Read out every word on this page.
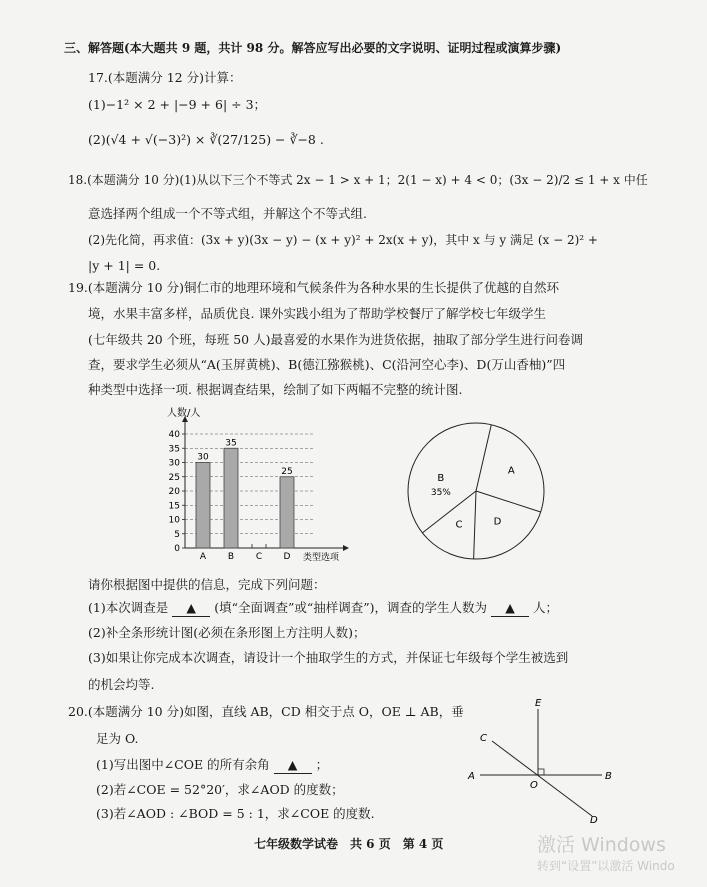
三、解答题(本大题共 9 题，共计 98 分。解答应写出必要的文字说明、证明过程或演算步骤)
17.(本题满分 12 分)计算：
(1)−1² × 2 + |−9 + 6| ÷ 3；
(2)(√4 + √(−3)²) × ∛(27/125) − ∛−8 .
18.(本题满分 10 分)(1)从以下三个不等式 2x − 1 > x + 1；2(1 − x) + 4 < 0；(3x − 2)/2 ≤ 1 + x 中任
意选择两个组成一个不等式组，并解这个不等式组.
(2)先化简，再求值：(3x + y)(3x − y) − (x + y)² + 2x(x + y)，其中 x 与 y 满足 (x − 2)² +
|y + 1| = 0.
19.(本题满分 10 分)铜仁市的地理环境和气候条件为各种水果的生长提供了优越的自然环
境，水果丰富多样，品质优良. 课外实践小组为了帮助学校餐厅了解学校七年级学生
(七年级共 20 个班，每班 50 人)最喜爱的水果作为进货依据，抽取了部分学生进行问卷调
查，要求学生必须从“A(玉屏黄桃)、B(德江猕猴桃)、C(沿河空心李)、D(万山香柚)”四
种类型中选择一项. 根据调查结果，绘制了如下两幅不完整的统计图.
0
5
10
15
20
25
30
35
40
人数/人
类型选项
30
A
35
B C
25
D
A
B
35%
C	D
请你根据图中提供的信息，完成下列问题：
(1)本次调查是 ▲ (填“全面调查”或“抽样调查”)，调查的学生人数为 ▲ 人；
(2)补全条形统计图(必须在条形图上方注明人数)；
(3)如果让你完成本次调查，请设计一个抽取学生的方式，并保证七年级每个学生被选到
的机会均等.
20.(本题满分 10 分)如图，直线 AB，CD 相交于点 O，OE ⊥ AB，垂
足为 O.
(1)写出图中∠COE 的所有余角 ▲ ；
(2)若∠COE = 52°20′，求∠AOD 的度数；
(3)若∠AOD : ∠BOD = 5 : 1，求∠COE 的度数.
E
C
A	B
O
D
七年级数学试卷　共 6 页　第 4 页	激活 Windows
转到“设置”以激活 Windo
